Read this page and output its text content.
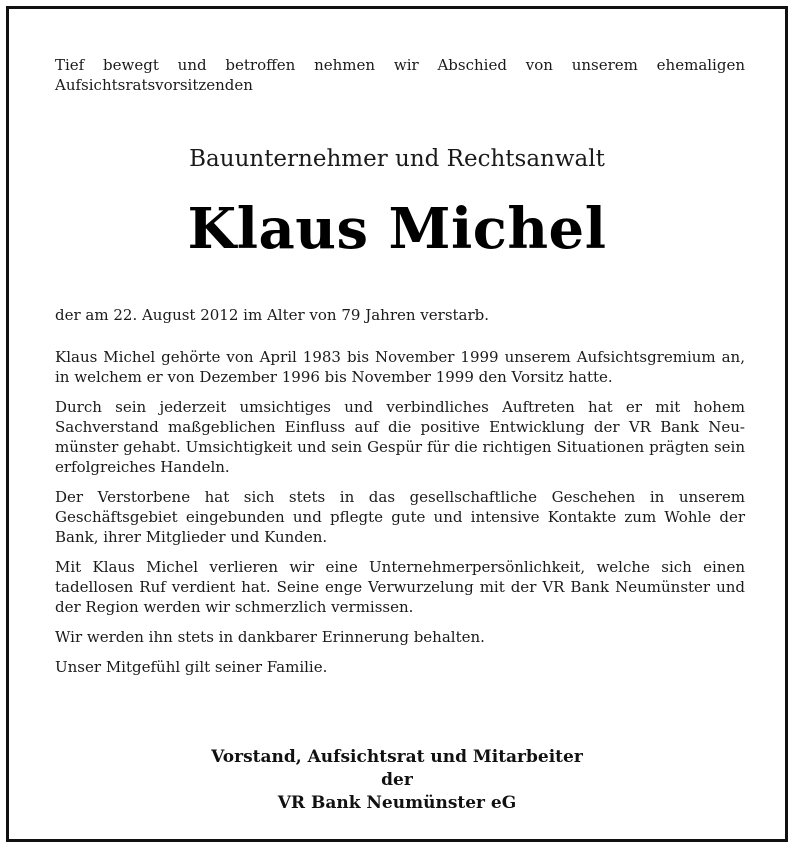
Tief bewegt und betroffen nehmen wir Abschied von unserem ehemaligen Aufsichtsratsvorsitzenden
Bauunternehmer und Rechtsanwalt
Klaus Michel

der am 22. August 2012 im Alter von 79 Jahren verstarb.

Klaus Michel gehörte von April 1983 bis November 1999 unserem Aufsichtsgremium an, in welchem er von Dezember 1996 bis November 1999 den Vorsitz hatte.

Durch sein jederzeit umsichtiges und verbindliches Auftreten hat er mit hohem Sachverstand maßgeblichen Einfluss auf die positive Entwicklung der VR Bank Neumünster gehabt. Umsichtigkeit und sein Gespür für die richtigen Situationen prägten sein erfolgreiches Handeln.

Der Verstorbene hat sich stets in das gesellschaftliche Geschehen in unserem Geschäftsgebiet eingebunden und pflegte gute und intensive Kontakte zum Wohle der Bank, ihrer Mitglieder und Kunden.

Mit Klaus Michel verlieren wir eine Unternehmerpersönlichkeit, welche sich einen tadellosen Ruf verdient hat. Seine enge Verwurzelung mit der VR Bank Neumünster und der Region werden wir schmerzlich vermissen.

Wir werden ihn stets in dankbarer Erinnerung behalten.

Unser Mitgefühl gilt seiner Familie.

Vorstand, Aufsichtsrat und Mitarbeiter
der
VR Bank Neumünster eG
